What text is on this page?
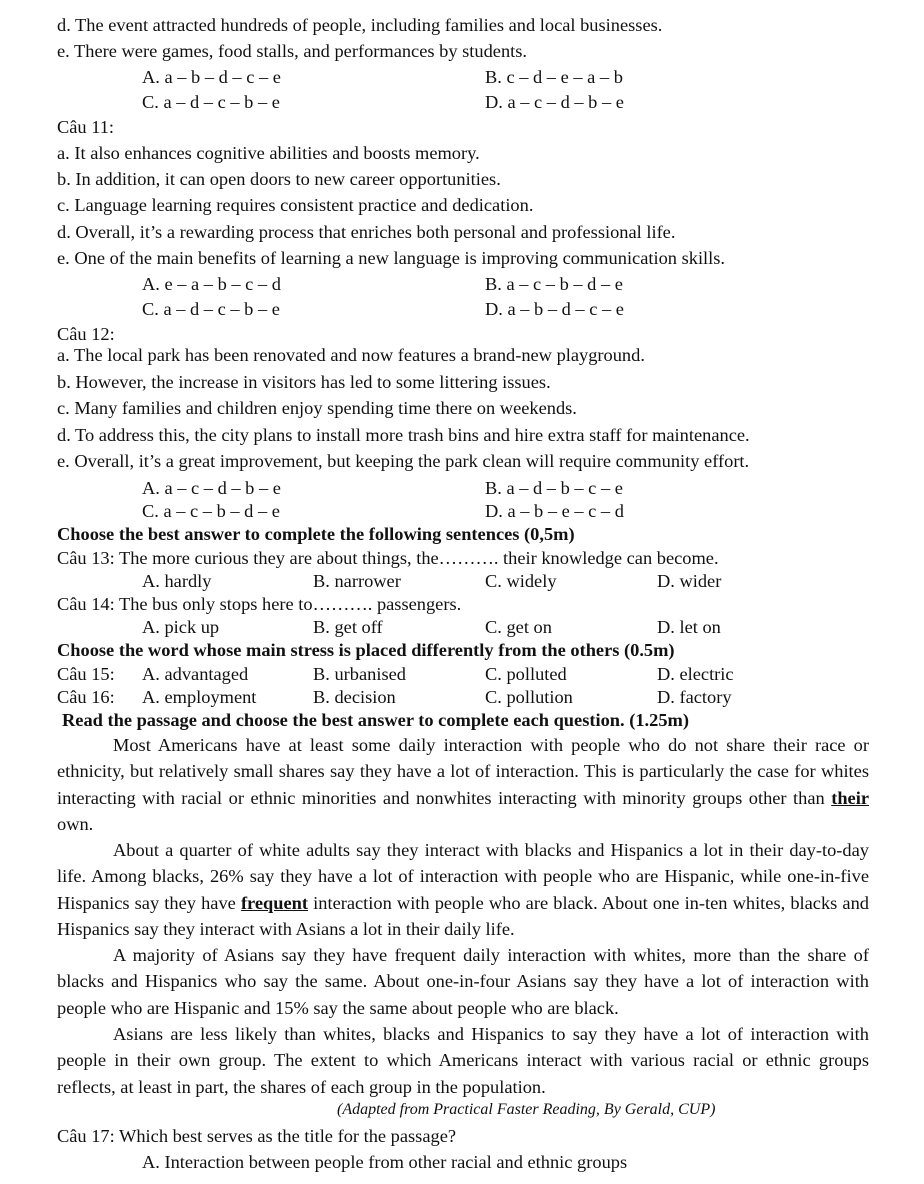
d. The event attracted hundreds of people, including families and local businesses.
e. There were games, food stalls, and performances by students.
A. a – b – d – c – e	B. c – d – e – a – b
C. a – d – c – b – e	D. a – c – d – b – e
Câu 11:
a. It also enhances cognitive abilities and boosts memory.
b. In addition, it can open doors to new career opportunities.
c. Language learning requires consistent practice and dedication.
d. Overall, it’s a rewarding process that enriches both personal and professional life.
e. One of the main benefits of learning a new language is improving communication skills.
A. e – a – b – c – d	B. a – c – b – d – e
C. a – d – c – b – e	D. a – b – d – c – e
Câu 12:
a. The local park has been renovated and now features a brand-new playground.
b. However, the increase in visitors has led to some littering issues.
c. Many families and children enjoy spending time there on weekends.
d. To address this, the city plans to install more trash bins and hire extra staff for maintenance.
e. Overall, it’s a great improvement, but keeping the park clean will require community effort.
A. a – c – d – b – e	B. a – d – b – c – e
C. a – c – b – d – e	D. a – b – e – c – d
Choose the best answer to complete the following sentences (0,5m)
Câu 13: The more curious they are about things, the………. their knowledge can become.
A. hardly	B. narrower	C. widely	D. wider
Câu 14: The bus only stops here to………. passengers.
A. pick up	B. get off	C. get on	D. let on
Choose the word whose main stress is placed differently from the others (0.5m)
Câu 15: A. advantaged	B. urbanised	C. polluted	D. electric
Câu 16: A. employment	B. decision	C. pollution	D. factory
Read the passage and choose the best answer to complete each question. (1.25m)
Most Americans have at least some daily interaction with people who do not share their race or ethnicity, but relatively small shares say they have a lot of interaction. This is particularly the case for whites interacting with racial or ethnic minorities and nonwhites interacting with minority groups other than their own.
About a quarter of white adults say they interact with blacks and Hispanics a lot in their day-to-day life. Among blacks, 26% say they have a lot of interaction with people who are Hispanic, while one-in-five Hispanics say they have frequent interaction with people who are black. About one in-ten whites, blacks and Hispanics say they interact with Asians a lot in their daily life.
A majority of Asians say they have frequent daily interaction with whites, more than the share of blacks and Hispanics who say the same. About one-in-four Asians say they have a lot of interaction with people who are Hispanic and 15% say the same about people who are black.
Asians are less likely than whites, blacks and Hispanics to say they have a lot of interaction with people in their own group. The extent to which Americans interact with various racial or ethnic groups reflects, at least in part, the shares of each group in the population.
(Adapted from Practical Faster Reading, By Gerald, CUP)
Câu 17: Which best serves as the title for the passage?
A. Interaction between people from other racial and ethnic groups
